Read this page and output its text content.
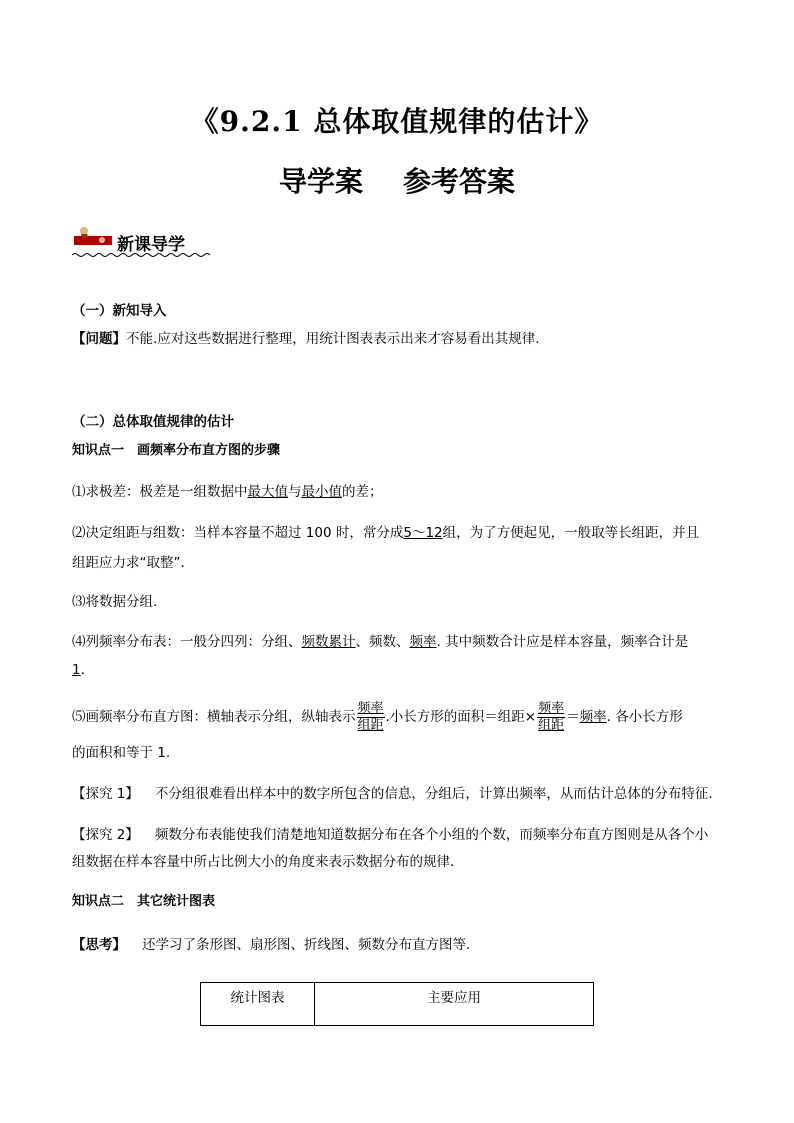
《9.2.1 总体取值规律的估计》
导学案 参考答案
新课导学
（一）新知导入
【问题】不能.应对这些数据进行整理，用统计图表表示出来才容易看出其规律.
（二）总体取值规律的估计
知识点一　画频率分布直方图的步骤
⑴求极差：极差是一组数据中最大值与最小值的差；
⑵决定组距与组数：当样本容量不超过 100 时，常分成5～12组，为了方便起见，一般取等长组距，并且
组距应力求“取整”.
⑶将数据分组.
⑷列频率分布表：一般分四列：分组、频数累计、频数、频率. 其中频数合计应是样本容量，频率合计是
1.
⑸画频率分布直方图：横轴表示分组，纵轴表示 $\frac{\text{频率}}{\text{组距}}$ .小长方形的面积＝组距× $\frac{\text{频率}}{\text{组距}}$ ＝频率. 各小长方形
的面积和等于 1.
【探究 1】 不分组很难看出样本中的数字所包含的信息，分组后，计算出频率，从而估计总体的分布特征.
【探究 2】 频数分布表能使我们清楚地知道数据分布在各个小组的个数，而频率分布直方图则是从各个小
组数据在样本容量中所占比例大小的角度来表示数据分布的规律.
知识点二　其它统计图表
【思考】 还学习了条形图、扇形图、折线图、频数分布直方图等.
统计图表	主要应用
